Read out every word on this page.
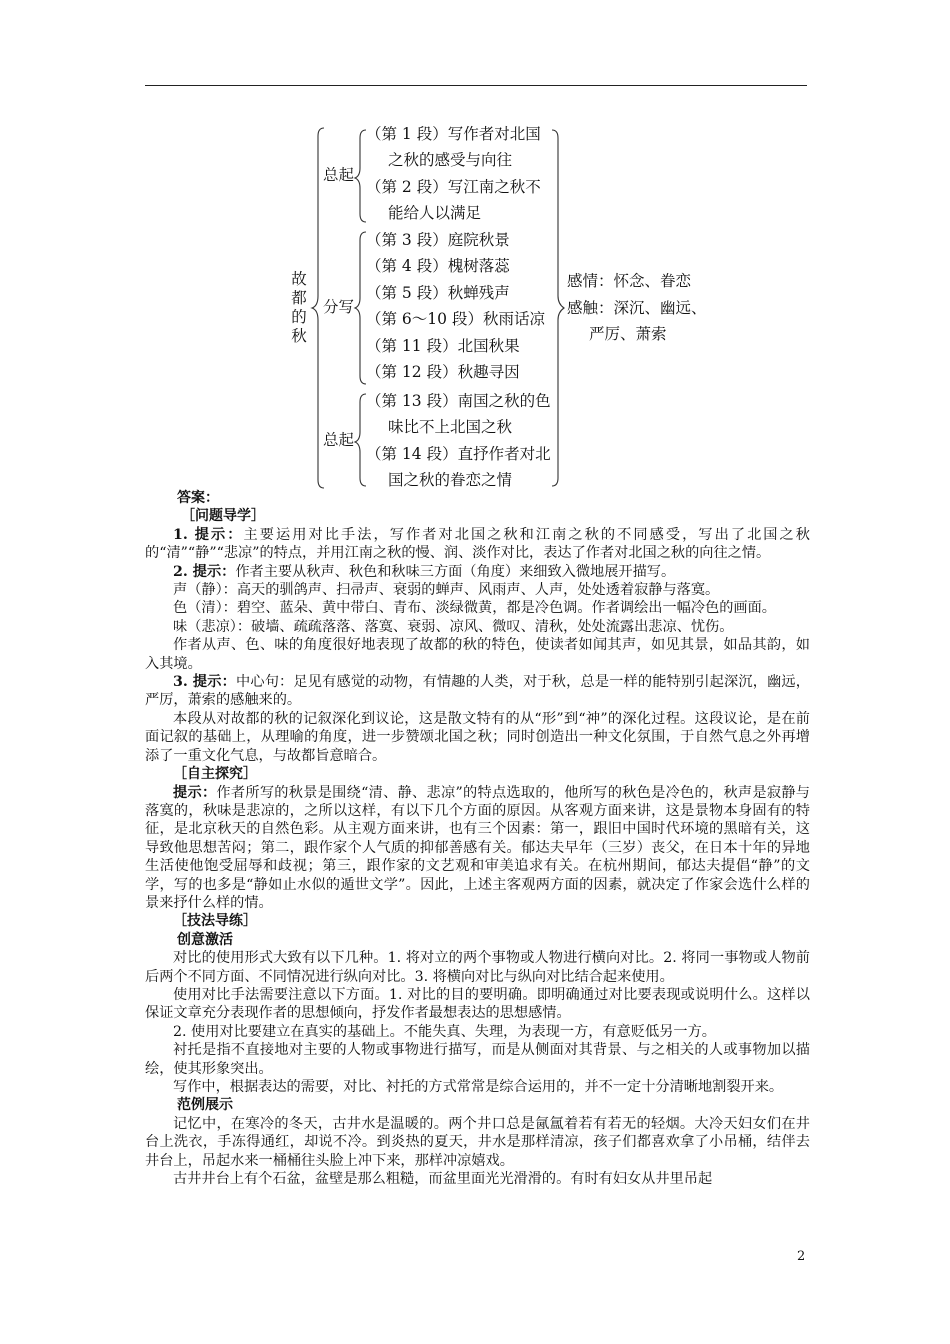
故都的秋
总起
分写
总起
（第 1 段）写作者对北国
之秋的感受与向往
（第 2 段）写江南之秋不
能给人以满足
（第 3 段）庭院秋景
（第 4 段）槐树落蕊
（第 5 段）秋蝉残声
（第 6～10 段）秋雨话凉
（第 11 段）北国秋果
（第 12 段）秋趣寻因
（第 13 段）南国之秋的色
味比不上北国之秋
（第 14 段）直抒作者对北
国之秋的眷恋之情
感情：怀念、眷恋
感触：深沉、幽远、
严厉、萧索

答案：

［问题导学］

1. 提示：主要运用对比手法，写作者对北国之秋和江南之秋的不同感受，写出了北国之秋的“清”“静”“悲凉”的特点，并用江南之秋的慢、润、淡作对比，表达了作者对北国之秋的向往之情。

2. 提示：作者主要从秋声、秋色和秋味三方面（角度）来细致入微地展开描写。

声（静）：高天的驯鸽声、扫帚声、衰弱的蝉声、风雨声、人声，处处透着寂静与落寞。

色（清）：碧空、蓝朵、黄中带白、青布、淡绿微黄，都是冷色调。作者调绘出一幅冷色的画面。

味（悲凉）：破墙、疏疏落落、落寞、衰弱、凉风、微叹、清秋，处处流露出悲凉、忧伤。

作者从声、色、味的角度很好地表现了故都的秋的特色，使读者如闻其声，如见其景，如品其韵，如入其境。

3. 提示：中心句：足见有感觉的动物，有情趣的人类，对于秋，总是一样的能特别引起深沉，幽远，严厉，萧索的感触来的。

本段从对故都的秋的记叙深化到议论，这是散文特有的从“形”到“神”的深化过程。这段议论，是在前面记叙的基础上，从理喻的角度，进一步赞颂北国之秋；同时创造出一种文化氛围，于自然气息之外再增添了一重文化气息，与故都旨意暗合。

［自主探究］

提示：作者所写的秋景是围绕“清、静、悲凉”的特点选取的，他所写的秋色是冷色的，秋声是寂静与落寞的，秋味是悲凉的，之所以这样，有以下几个方面的原因。从客观方面来讲，这是景物本身固有的特征，是北京秋天的自然色彩。从主观方面来讲，也有三个因素：第一，跟旧中国时代环境的黑暗有关，这导致他思想苦闷；第二，跟作家个人气质的抑郁善感有关。郁达夫早年（三岁）丧父，在日本十年的异地生活使他饱受屈辱和歧视；第三，跟作家的文艺观和审美追求有关。在杭州期间，郁达夫提倡“静”的文学，写的也多是“静如止水似的遁世文学”。因此，上述主客观两方面的因素，就决定了作家会选什么样的景来抒什么样的情。

［技法导练］

创意激活

对比的使用形式大致有以下几种。1. 将对立的两个事物或人物进行横向对比。2. 将同一事物或人物前后两个不同方面、不同情况进行纵向对比。3. 将横向对比与纵向对比结合起来使用。

使用对比手法需要注意以下方面。1. 对比的目的要明确。即明确通过对比要表现或说明什么。这样以保证文章充分表现作者的思想倾向，抒发作者最想表达的思想感情。

2. 使用对比要建立在真实的基础上。不能失真、失理，为表现一方，有意贬低另一方。

衬托是指不直接地对主要的人物或事物进行描写，而是从侧面对其背景、与之相关的人或事物加以描绘，使其形象突出。

写作中，根据表达的需要，对比、衬托的方式常常是综合运用的，并不一定十分清晰地割裂开来。

范例展示

记忆中，在寒冷的冬天，古井水是温暖的。两个井口总是氤氲着若有若无的轻烟。大冷天妇女们在井台上洗衣，手冻得通红，却说不冷。到炎热的夏天，井水是那样清凉，孩子们都喜欢拿了小吊桶，结伴去井台上，吊起水来一桶桶往头脸上冲下来，那样冲凉嬉戏。

古井井台上有个石盆，盆壁是那么粗糙，而盆里面光光滑滑的。有时有妇女从井里吊起

2
